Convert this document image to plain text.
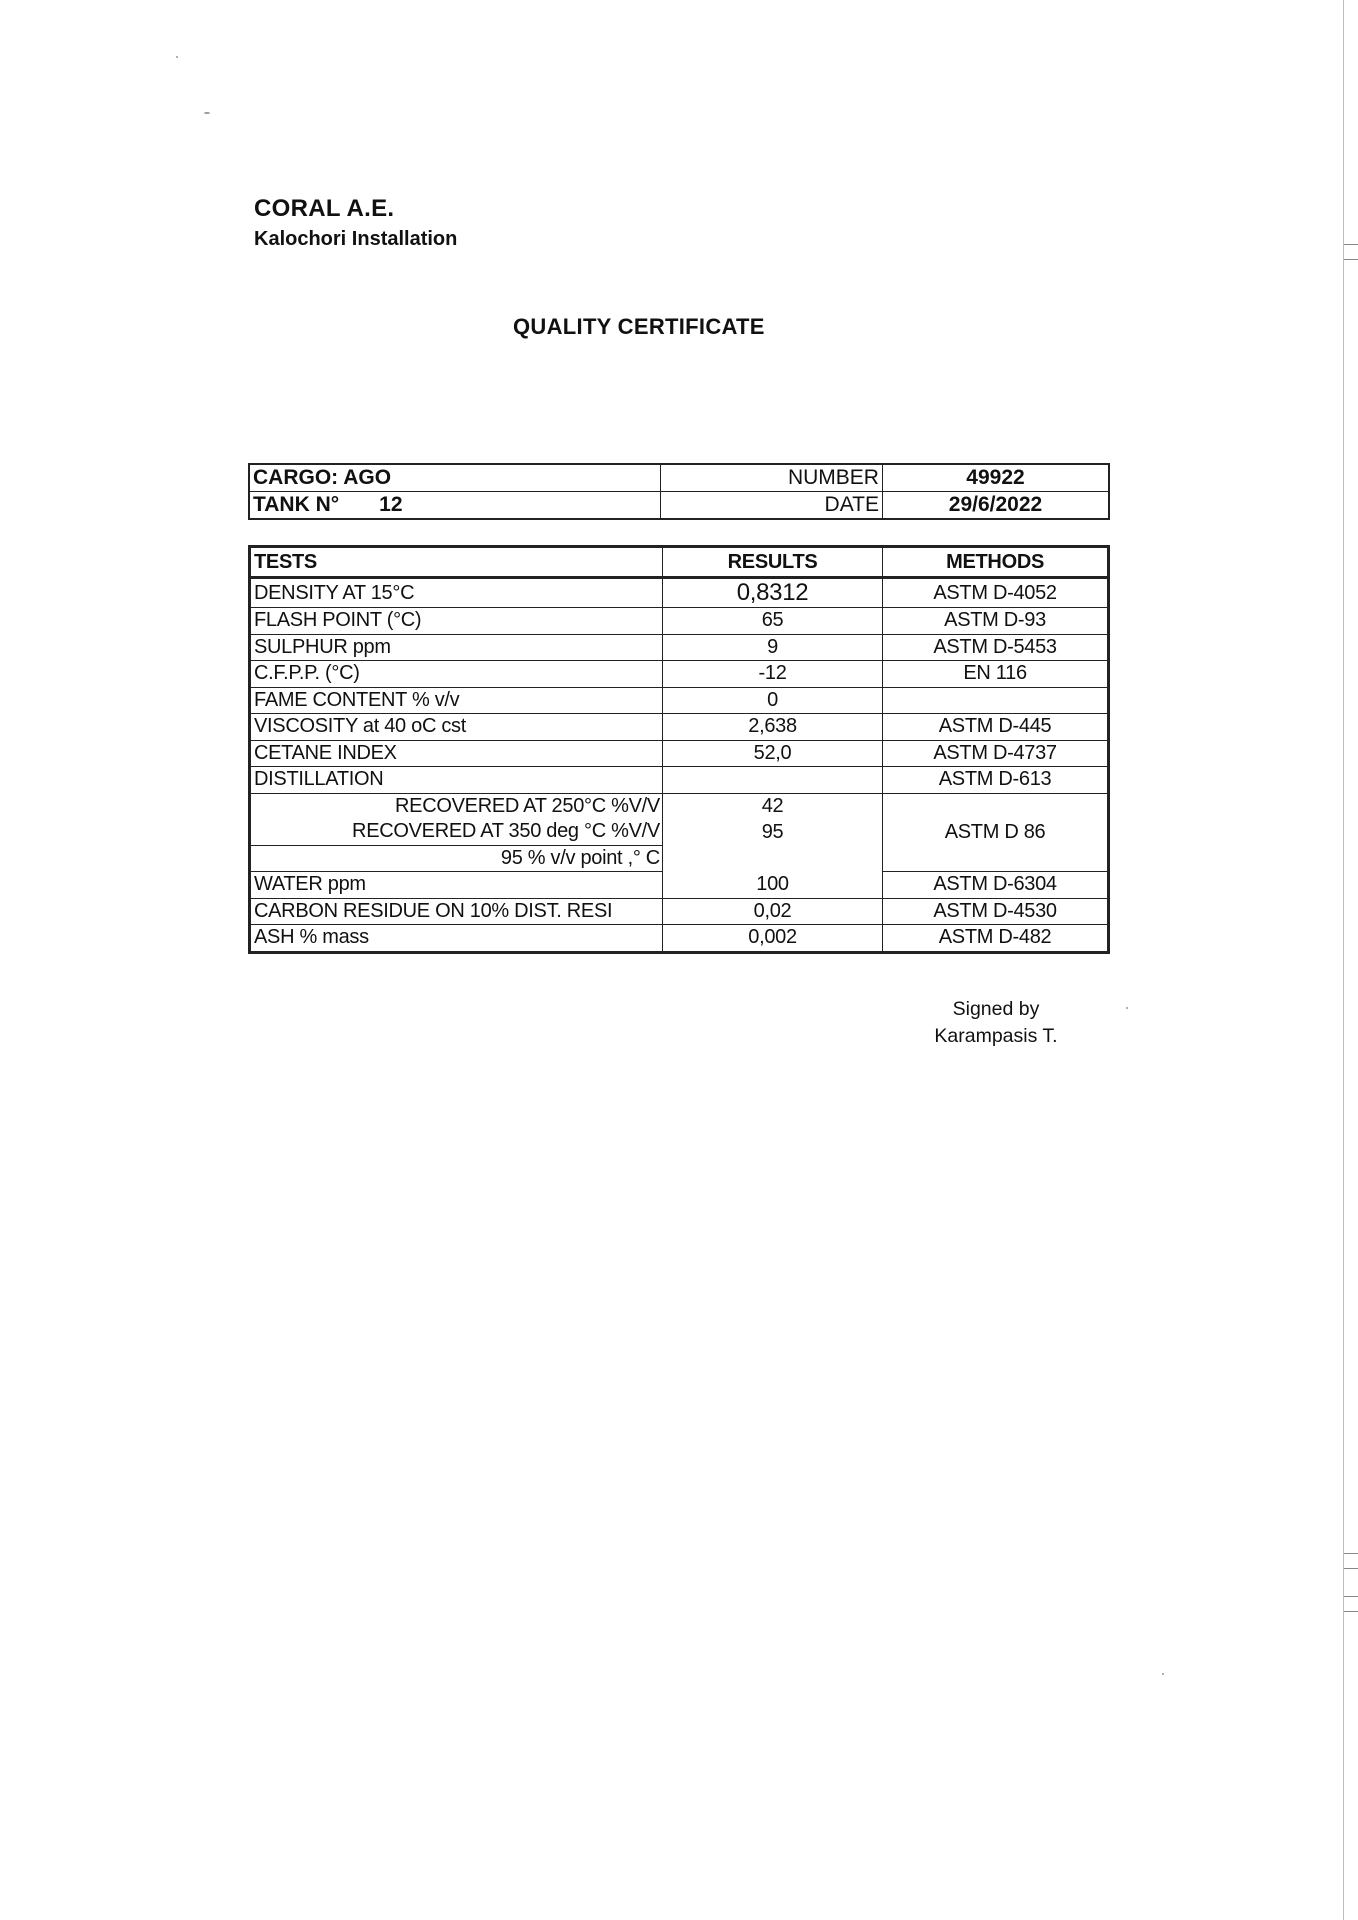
CORAL A.E.
Kalochori Installation
QUALITY CERTIFICATE
CARGO: AGO	NUMBER	49922
TANK N° 12	DATE	29/6/2022
TESTS	RESULTS	METHODS
DENSITY AT 15°C	0,8312	ASTM D-4052
FLASH POINT (°C)	65	ASTM D-93
SULPHUR ppm	9	ASTM D-5453
C.F.P.P. (°C)	-12	EN 116
FAME CONTENT % v/v	0	
VISCOSITY at 40 oC cst	2,638	ASTM D-445
CETANE INDEX	52,0	ASTM D-4737
DISTILLATION		ASTM D-613
RECOVERED AT 250°C %V/V	42	ASTM D 86
RECOVERED AT 350 deg °C %V/V	95	
95 % v/v point ,° C		
WATER ppm	100	ASTM D-6304
CARBON RESIDUE ON 10% DIST. RESI	0,02	ASTM D-4530
ASH % mass	0,002	ASTM D-482
Signed by
Karampasis T.
